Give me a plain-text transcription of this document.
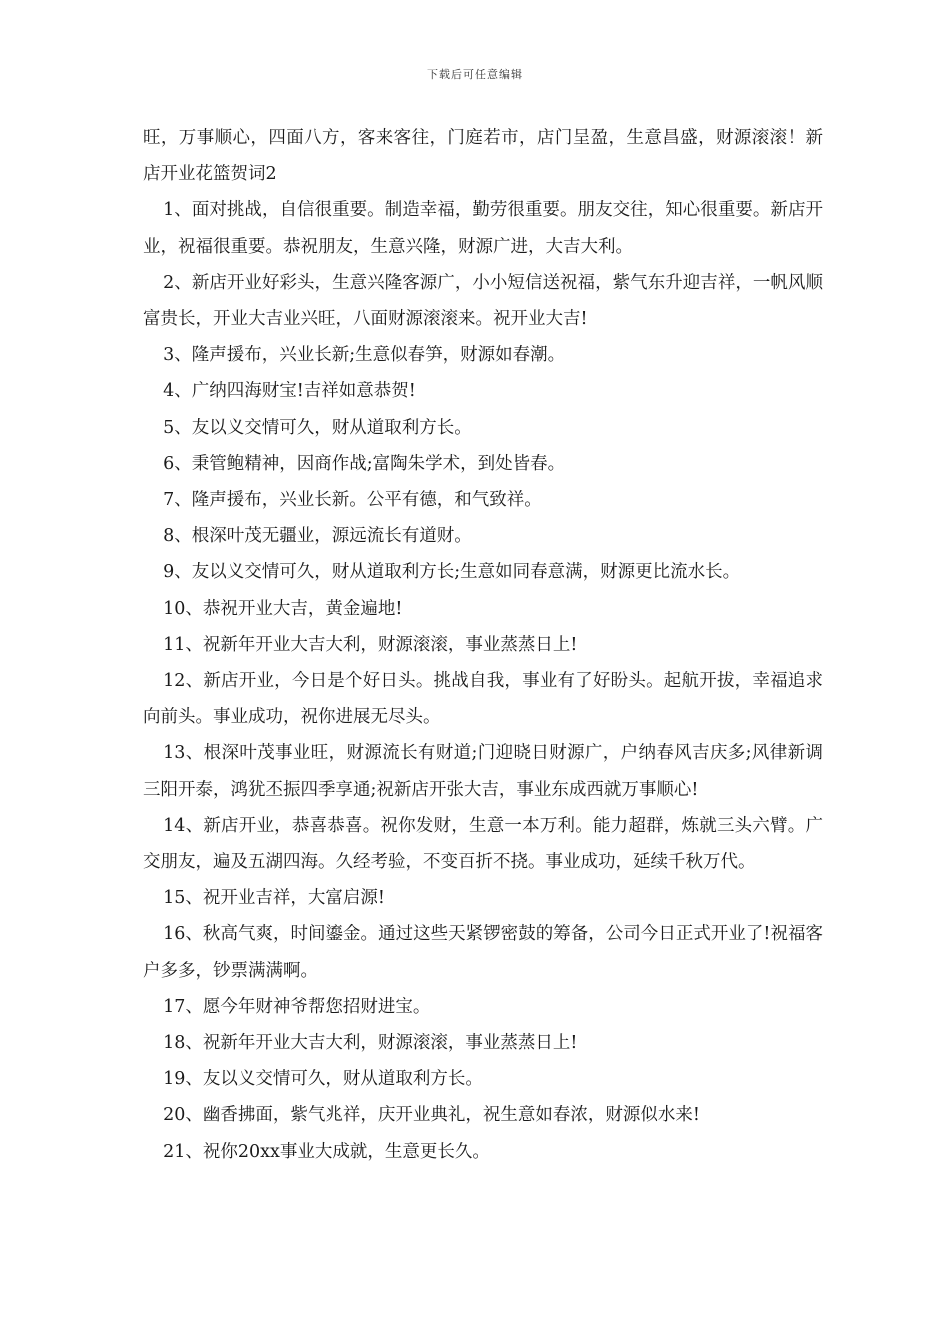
下载后可任意编辑

旺，万事顺心，四面八方，客来客往，门庭若市，店门呈盈，生意昌盛，财源滚滚！新店开业花篮贺词2

1、面对挑战，自信很重要。制造幸福，勤劳很重要。朋友交往，知心很重要。新店开业，祝福很重要。恭祝朋友，生意兴隆，财源广进，大吉大利。

2、新店开业好彩头，生意兴隆客源广，小小短信送祝福，紫气东升迎吉祥，一帆风顺富贵长，开业大吉业兴旺，八面财源滚滚来。祝开业大吉!

3、隆声援布，兴业长新;生意似春笋，财源如春潮。

4、广纳四海财宝!吉祥如意恭贺!

5、友以义交情可久，财从道取利方长。

6、秉管鲍精神，因商作战;富陶朱学术，到处皆春。

7、隆声援布，兴业长新。公平有德，和气致祥。

8、根深叶茂无疆业，源远流长有道财。

9、友以义交情可久，财从道取利方长;生意如同春意满，财源更比流水长。

10、恭祝开业大吉，黄金遍地!

11、祝新年开业大吉大利，财源滚滚，事业蒸蒸日上!

12、新店开业，今日是个好日头。挑战自我，事业有了好盼头。起航开拔，幸福追求向前头。事业成功，祝你进展无尽头。

13、根深叶茂事业旺，财源流长有财道;门迎晓日财源广，户纳春风吉庆多;风律新调三阳开泰，鸿犹丕振四季享通;祝新店开张大吉，事业东成西就万事顺心!

14、新店开业，恭喜恭喜。祝你发财，生意一本万利。能力超群，炼就三头六臂。广交朋友，遍及五湖四海。久经考验，不变百折不挠。事业成功，延续千秋万代。

15、祝开业吉祥，大富启源!

16、秋高气爽，时间鎏金。通过这些天紧锣密鼓的筹备，公司今日正式开业了!祝福客户多多，钞票满满啊。

17、愿今年财神爷帮您招财进宝。

18、祝新年开业大吉大利，财源滚滚，事业蒸蒸日上!

19、友以义交情可久，财从道取利方长。

20、幽香拂面，紫气兆祥，庆开业典礼，祝生意如春浓，财源似水来!

21、祝你20xx事业大成就，生意更长久。
